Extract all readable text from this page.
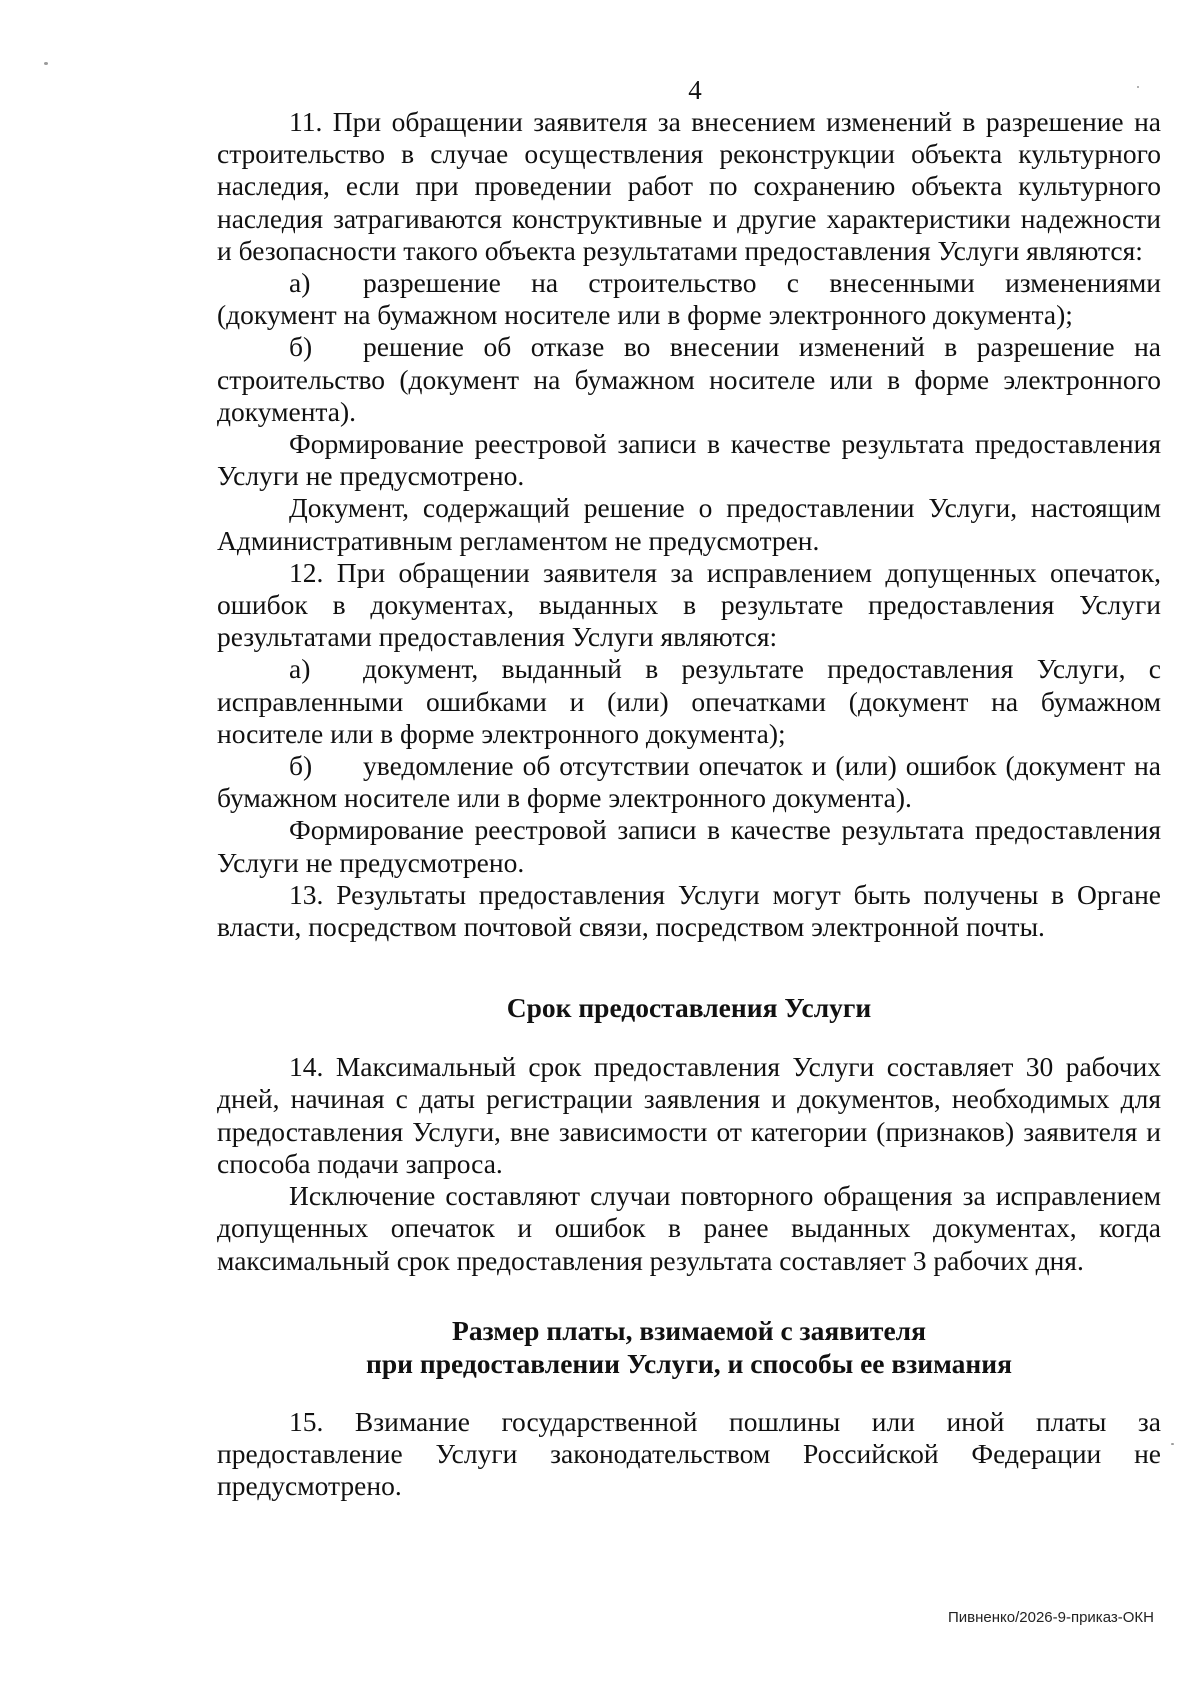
4

11. При обращении заявителя за внесением изменений в разрешение на строительство в случае осуществления реконструкции объекта культурного наследия, если при проведении работ по сохранению объекта культурного наследия затрагиваются конструктивные и другие характеристики надежности и безопасности такого объекта результатами предоставления Услуги являются:

а) разрешение на строительство с внесенными изменениями (документ на бумажном носителе или в форме электронного документа);

б) решение об отказе во внесении изменений в разрешение на строительство (документ на бумажном носителе или в форме электронного документа).

Формирование реестровой записи в качестве результата предоставления Услуги не предусмотрено.

Документ, содержащий решение о предоставлении Услуги, настоящим Административным регламентом не предусмотрен.

12. При обращении заявителя за исправлением допущенных опечаток, ошибок в документах, выданных в результате предоставления Услуги результатами предоставления Услуги являются:

а) документ, выданный в результате предоставления Услуги, с исправленными ошибками и (или) опечатками (документ на бумажном носителе или в форме электронного документа);

б) уведомление об отсутствии опечаток и (или) ошибок (документ на бумажном носителе или в форме электронного документа).

Формирование реестровой записи в качестве результата предоставления Услуги не предусмотрено.

13. Результаты предоставления Услуги могут быть получены в Органе власти, посредством почтовой связи, посредством электронной почты.

Срок предоставления Услуги

14. Максимальный срок предоставления Услуги составляет 30 рабочих дней, начиная с даты регистрации заявления и документов, необходимых для предоставления Услуги, вне зависимости от категории (признаков) заявителя и способа подачи запроса.

Исключение составляют случаи повторного обращения за исправлением допущенных опечаток и ошибок в ранее выданных документах, когда максимальный срок предоставления результата составляет 3 рабочих дня.

Размер платы, взимаемой с заявителя

при предоставлении Услуги, и способы ее взимания

15. Взимание государственной пошлины или иной платы за предоставление Услуги законодательством Российской Федерации не предусмотрено.

Пивненко/2026-9-приказ-ОКН
